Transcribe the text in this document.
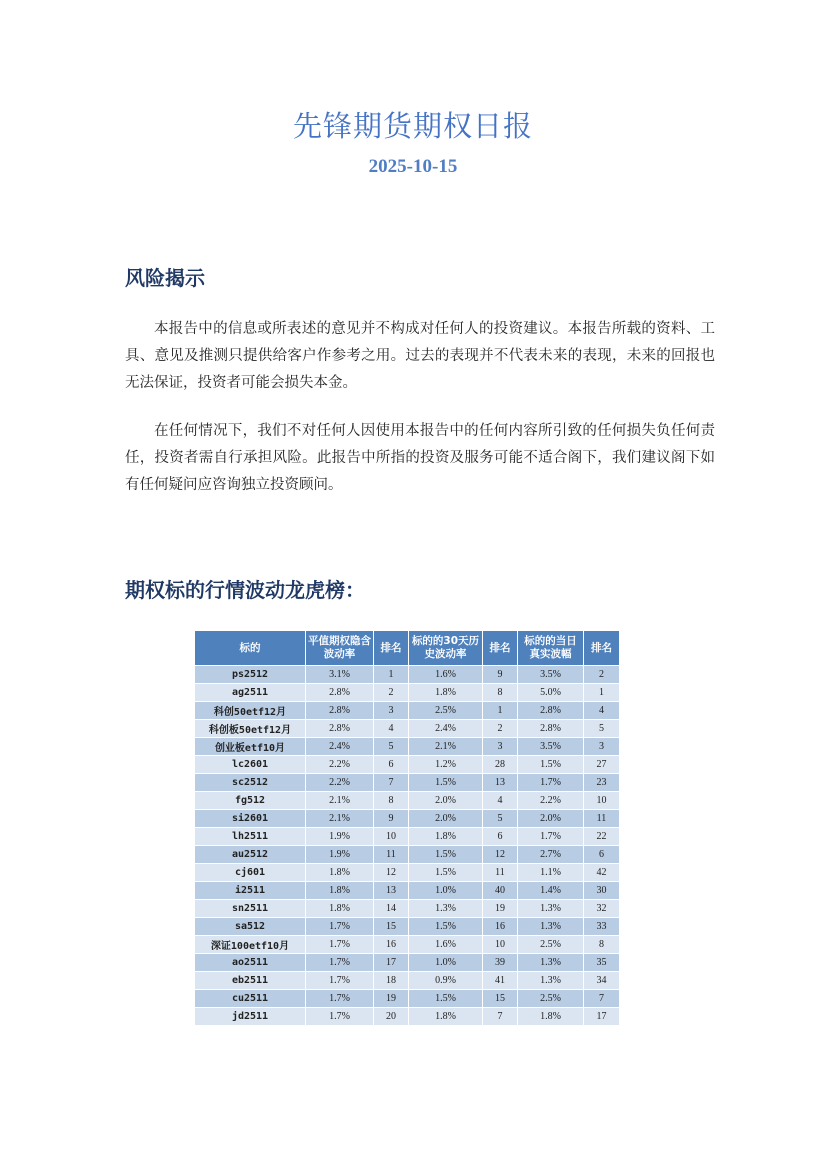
先锋期货期权日报
2025-10-15
风险揭示
本报告中的信息或所表述的意见并不构成对任何人的投资建议。本报告所载的资料、工具、意见及推测只提供给客户作参考之用。过去的表现并不代表未来的表现，未来的回报也无法保证，投资者可能会损失本金。
在任何情况下，我们不对任何人因使用本报告中的任何内容所引致的任何损失负任何责任，投资者需自行承担风险。此报告中所指的投资及服务可能不适合阁下，我们建议阁下如有任何疑问应咨询独立投资顾问。
期权标的行情波动龙虎榜：
标的	平值期权隐含波动率	排名	标的的30天历史波动率	排名	标的的当日真实波幅	排名
ps2512	3.1%	1	1.6%	9	3.5%	2
ag2511	2.8%	2	1.8%	8	5.0%	1
科创50etf12月	2.8%	3	2.5%	1	2.8%	4
科创板50etf12月	2.8%	4	2.4%	2	2.8%	5
创业板etf10月	2.4%	5	2.1%	3	3.5%	3
lc2601	2.2%	6	1.2%	28	1.5%	27
sc2512	2.2%	7	1.5%	13	1.7%	23
fg512	2.1%	8	2.0%	4	2.2%	10
si2601	2.1%	9	2.0%	5	2.0%	11
lh2511	1.9%	10	1.8%	6	1.7%	22
au2512	1.9%	11	1.5%	12	2.7%	6
cj601	1.8%	12	1.5%	11	1.1%	42
i2511	1.8%	13	1.0%	40	1.4%	30
sn2511	1.8%	14	1.3%	19	1.3%	32
sa512	1.7%	15	1.5%	16	1.3%	33
深证100etf10月	1.7%	16	1.6%	10	2.5%	8
ao2511	1.7%	17	1.0%	39	1.3%	35
eb2511	1.7%	18	0.9%	41	1.3%	34
cu2511	1.7%	19	1.5%	15	2.5%	7
jd2511	1.7%	20	1.8%	7	1.8%	17
